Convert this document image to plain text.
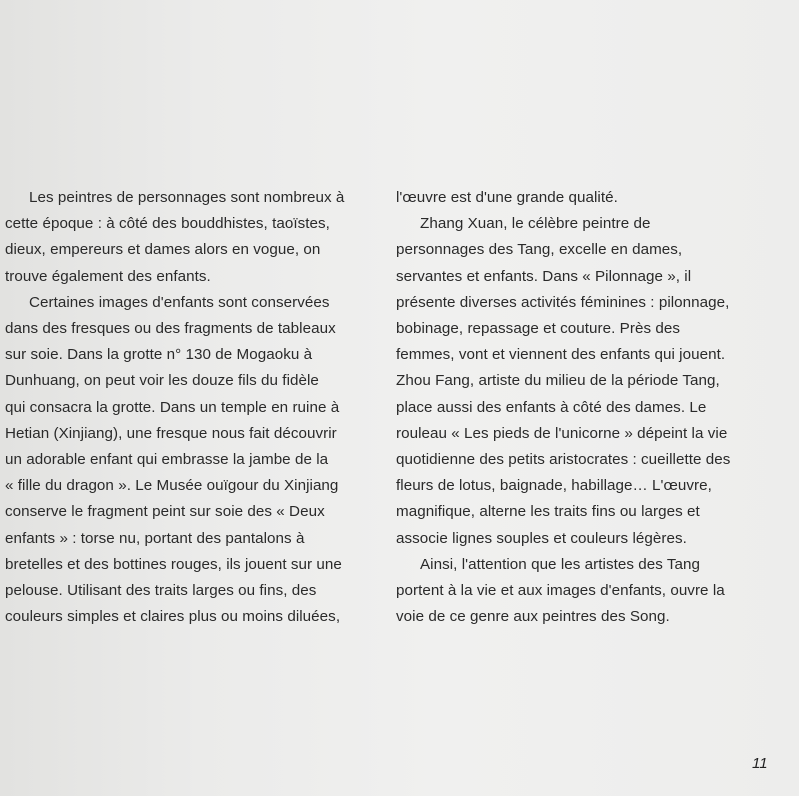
Les peintres de personnages sont nombreux à
cette époque : à côté des bouddhistes, taoïstes,
dieux, empereurs et dames alors en vogue, on
trouve également des enfants.
Certaines images d'enfants sont conservées
dans des fresques ou des fragments de tableaux
sur soie. Dans la grotte n° 130 de Mogaoku à
Dunhuang, on peut voir les douze fils du fidèle
qui consacra la grotte. Dans un temple en ruine à
Hetian (Xinjiang), une fresque nous fait découvrir
un adorable enfant qui embrasse la jambe de la
« fille du dragon ». Le Musée ouïgour du Xinjiang
conserve le fragment peint sur soie des « Deux
enfants » : torse nu, portant des pantalons à
bretelles et des bottines rouges, ils jouent sur une
pelouse. Utilisant des traits larges ou fins, des
couleurs simples et claires plus ou moins diluées,
l'œuvre est d'une grande qualité.
Zhang Xuan, le célèbre peintre de
personnages des Tang, excelle en dames,
servantes et enfants. Dans « Pilonnage », il
présente diverses activités féminines : pilonnage,
bobinage, repassage et couture. Près des
femmes, vont et viennent des enfants qui jouent.
Zhou Fang, artiste du milieu de la période Tang,
place aussi des enfants à côté des dames. Le
rouleau « Les pieds de l'unicorne » dépeint la vie
quotidienne des petits aristocrates : cueillette des
fleurs de lotus, baignade, habillage… L'œuvre,
magnifique, alterne les traits fins ou larges et
associe lignes souples et couleurs légères.
Ainsi, l'attention que les artistes des Tang
portent à la vie et aux images d'enfants, ouvre la
voie de ce genre aux peintres des Song.
11
